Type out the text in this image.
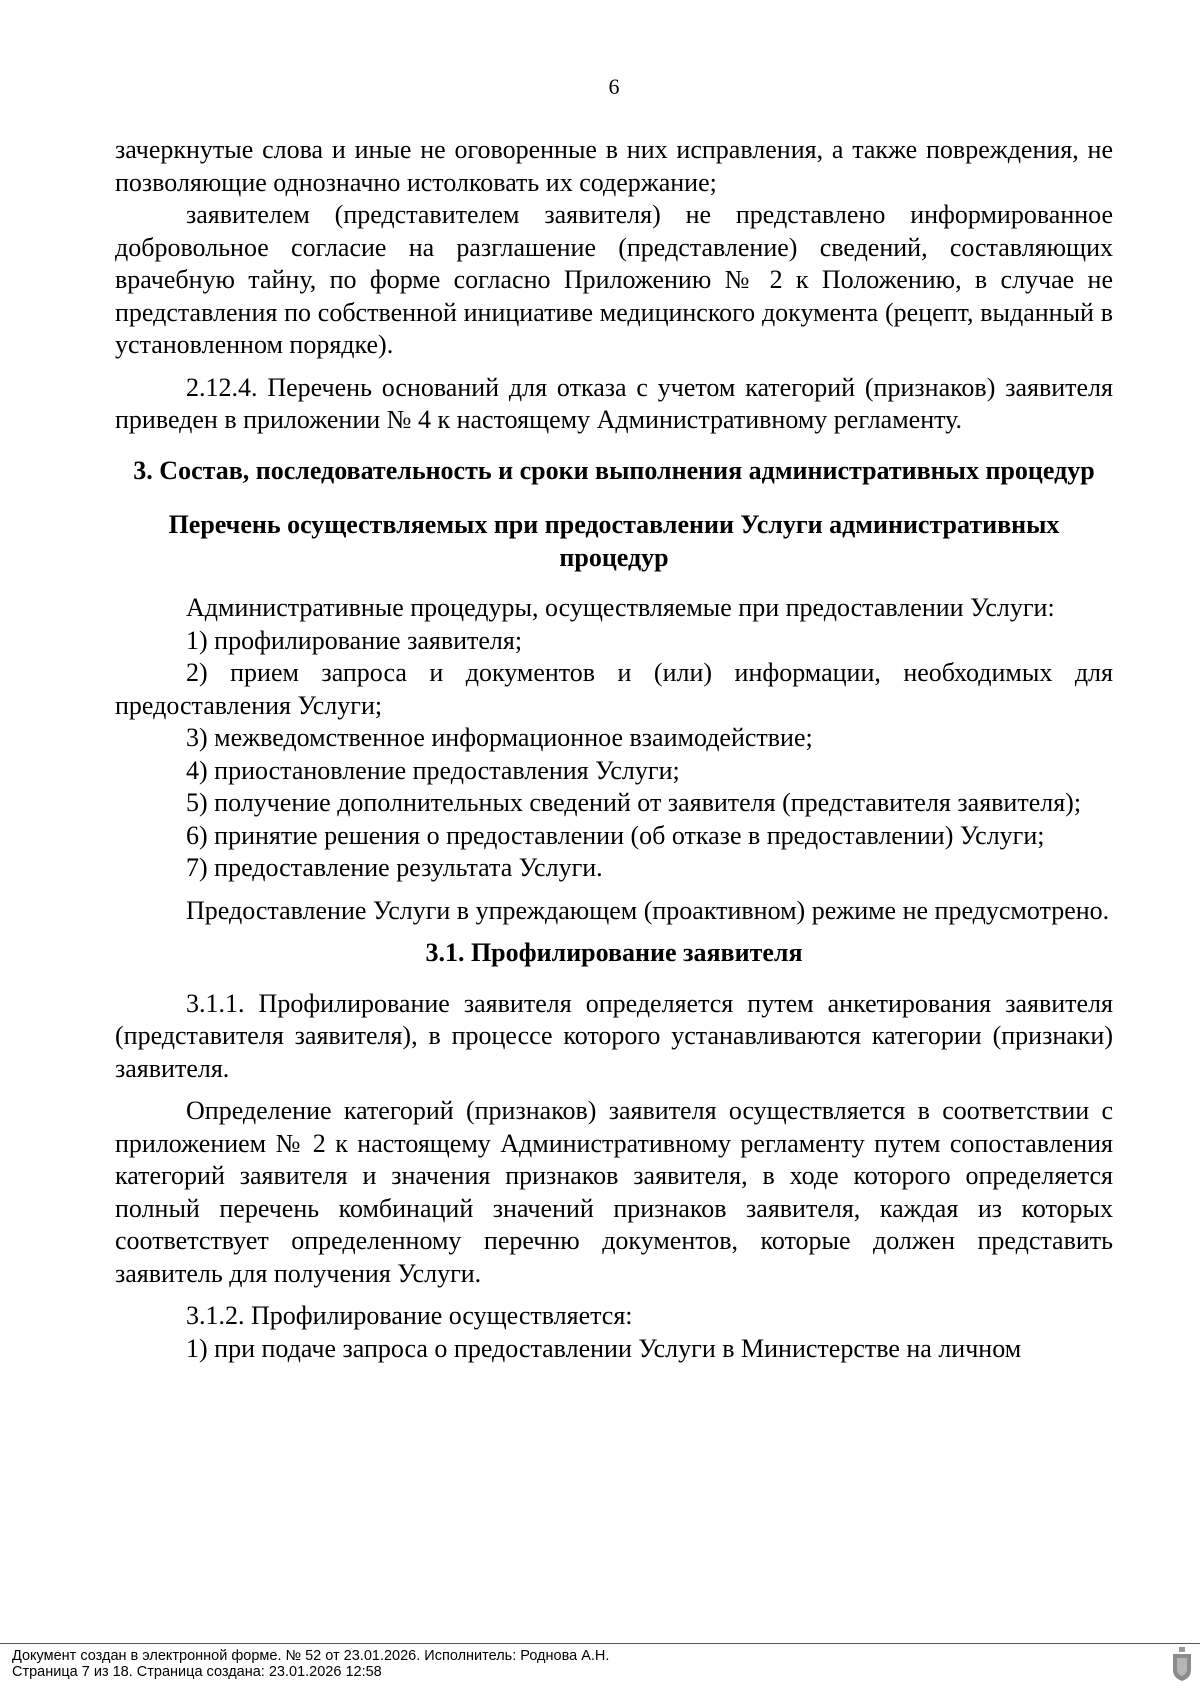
6

зачеркнутые слова и иные не оговоренные в них исправления, а также повреждения, не позволяющие однозначно истолковать их содержание;

заявителем (представителем заявителя) не представлено информированное добровольное согласие на разглашение (представление) сведений, составляющих врачебную тайну, по форме согласно Приложению № 2 к Положению, в случае не представления по собственной инициативе медицинского документа (рецепт, выданный в установленном порядке).

2.12.4. Перечень оснований для отказа с учетом категорий (признаков) заявителя приведен в приложении № 4 к настоящему Административному регламенту.

3. Состав, последовательность и сроки выполнения административных процедур

Перечень осуществляемых при предоставлении Услуги административных процедур

Административные процедуры, осуществляемые при предоставлении Услуги:

1) профилирование заявителя;

2) прием запроса и документов и (или) информации, необходимых для предоставления Услуги;

3) межведомственное информационное взаимодействие;

4) приостановление предоставления Услуги;

5) получение дополнительных сведений от заявителя (представителя заявителя);

6) принятие решения о предоставлении (об отказе в предоставлении) Услуги;

7) предоставление результата Услуги.

Предоставление Услуги в упреждающем (проактивном) режиме не предусмотрено.

3.1. Профилирование заявителя

3.1.1. Профилирование заявителя определяется путем анкетирования заявителя (представителя заявителя), в процессе которого устанавливаются категории (признаки) заявителя.

Определение категорий (признаков) заявителя осуществляется в соответствии с приложением № 2 к настоящему Административному регламенту путем сопоставления категорий заявителя и значения признаков заявителя, в ходе которого определяется полный перечень комбинаций значений признаков заявителя, каждая из которых соответствует определенному перечню документов, которые должен представить заявитель для получения Услуги.

3.1.2. Профилирование осуществляется:

1) при подаче запроса о предоставлении Услуги в Министерстве на личном

Документ создан в электронной форме. № 52 от 23.01.2026. Исполнитель: Роднова А.Н.
Страница 7 из 18. Страница создана: 23.01.2026 12:58
